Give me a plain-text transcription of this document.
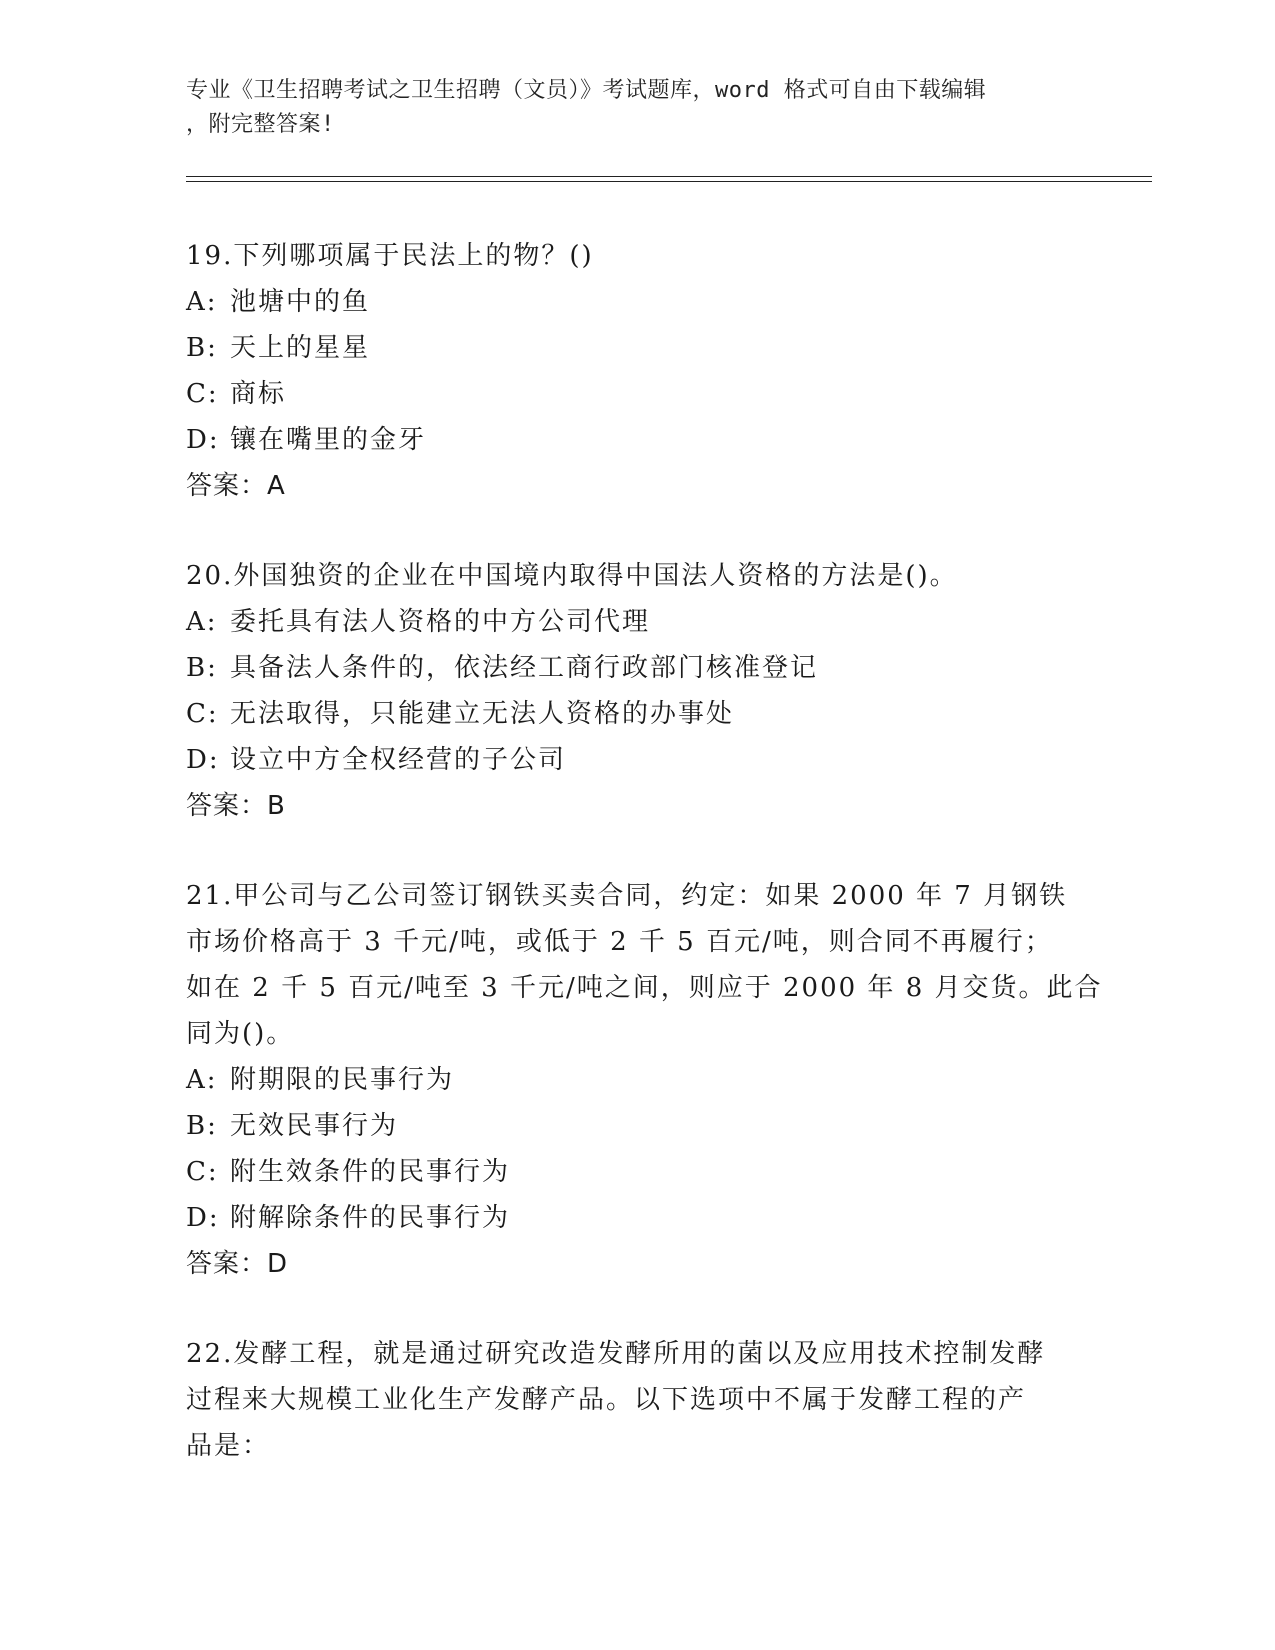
专业《卫生招聘考试之卫生招聘（文员）》考试题库，word 格式可自由下载编辑
，附完整答案!
19.下列哪项属于民法上的物？()
A: 池塘中的鱼
B: 天上的星星
C: 商标
D: 镶在嘴里的金牙
答案：A
20.外国独资的企业在中国境内取得中国法人资格的方法是()。
A: 委托具有法人资格的中方公司代理
B: 具备法人条件的，依法经工商行政部门核准登记
C: 无法取得，只能建立无法人资格的办事处
D: 设立中方全权经营的子公司
答案：B
21.甲公司与乙公司签订钢铁买卖合同，约定：如果 2000 年 7 月钢铁
市场价格高于 3 千元/吨，或低于 2 千 5 百元/吨，则合同不再履行；
如在 2 千 5 百元/吨至 3 千元/吨之间，则应于 2000 年 8 月交货。此合
同为()。
A: 附期限的民事行为
B: 无效民事行为
C: 附生效条件的民事行为
D: 附解除条件的民事行为
答案：D
22.发酵工程，就是通过研究改造发酵所用的菌以及应用技术控制发酵
过程来大规模工业化生产发酵产品。以下选项中不属于发酵工程的产
品是：
